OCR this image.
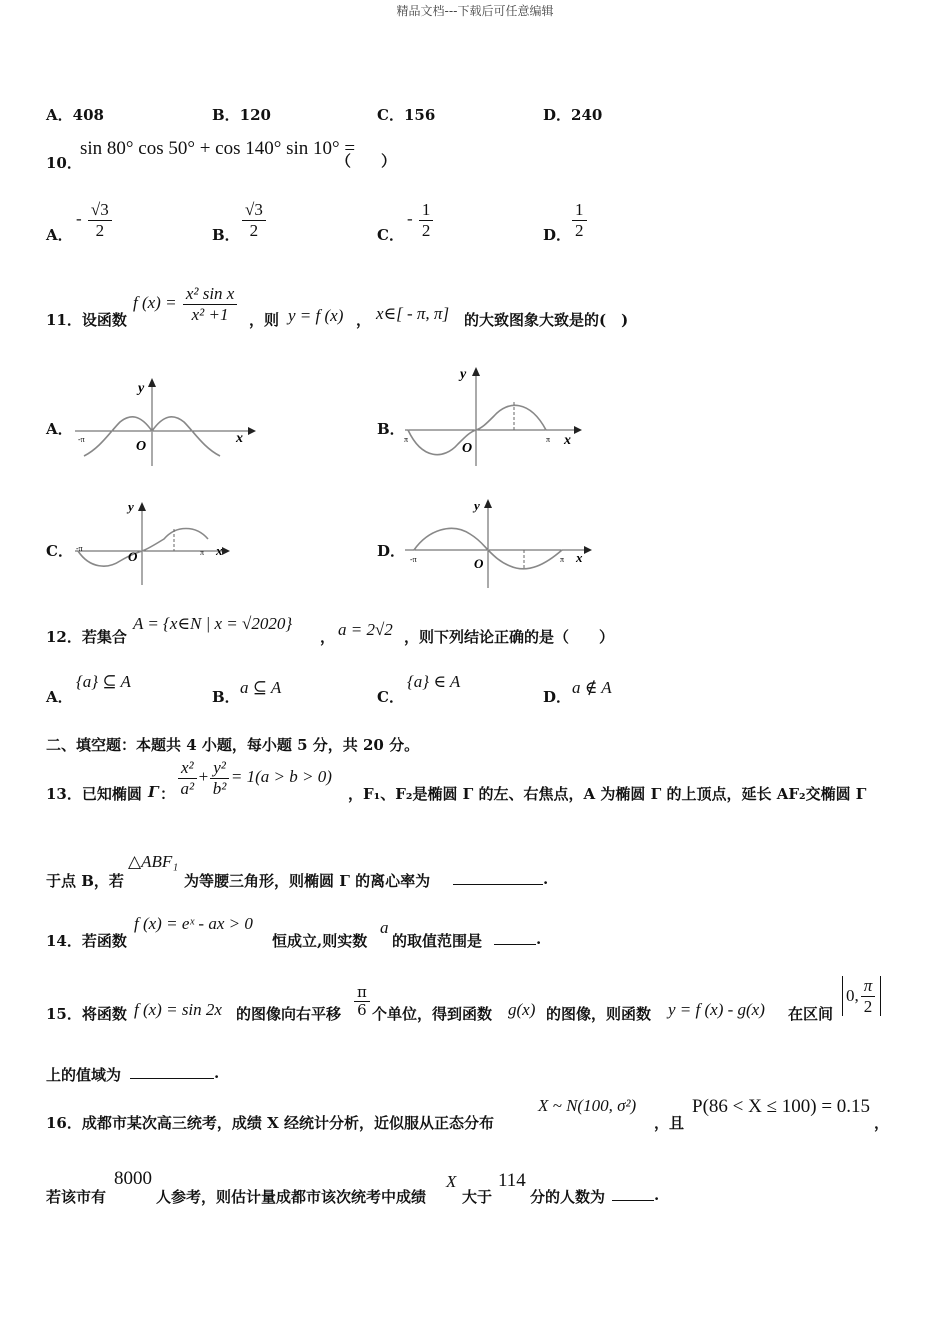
精品文档---下载后可任意编辑
A．408	B．120	C．156	D．240
10．
sin 80° cos 50° + cos 140° sin 10° =
（　　）
A．
- $\frac{√3}{2}$	B． $\frac{√3}{2}$	C．
- $\frac{1}{2}$	D． $\frac{1}{2}$
11．设函数
f $(x) = \frac{\text{x² sin x}}{\text{x² +1}}$ ，则 y = f (x) ， x∈[ - π, π] 的大致图象大致是的(　)
A．
y
x
O
-π
B．
y
x
O
π	π
C．
y
x
O
-π	π	D．
y
x
O
-π	π
12．若集合
A = {x∈N | x = √2020}
， a = 2√2 ，则下列结论正确的是（　　）
A．
{a} ⊆ A
B． a ⊆ A	C．
{a} ∈ A
D． a ∉ A
二、填空题：本题共 4 小题，每小题 5 分，共 20 分。
13．已知椭圆 Γ ： $\frac{\text{x²}}{\text{a²}} + \frac{\text{y²}}{\text{b²}} = 1(a > b > 0)$
，F₁、F₂是椭圆 Γ 的左、右焦点，A 为椭圆 Γ 的上顶点，延长 AF₂交椭圆 Γ
于点 B，若
△ABF₁
为等腰三角形，则椭圆 Γ 的离心率为	.
14．若函数
f (x) = eˣ - ax > 0
恒成立,则实数
a
的取值范围是	.
15．将函数 f (x) = sin 2x 的图像向右平移 $\frac{\pi}{6}$ 个单位，得到函数 g(x) 的图像，则函数 y = f (x) - g(x) 在区间
0, $\frac{\pi}{2}$
上的值域为	.
16．成都市某次高三统考，成绩 X 经统计分析，近似服从正态分布
X ~ N(100, σ²)
，且
P(86 < X ≤ 100) = 0.15
，
若该市有
8000
人参考，则估计量成都市该次统考中成绩
X
大于
114
分的人数为	.
